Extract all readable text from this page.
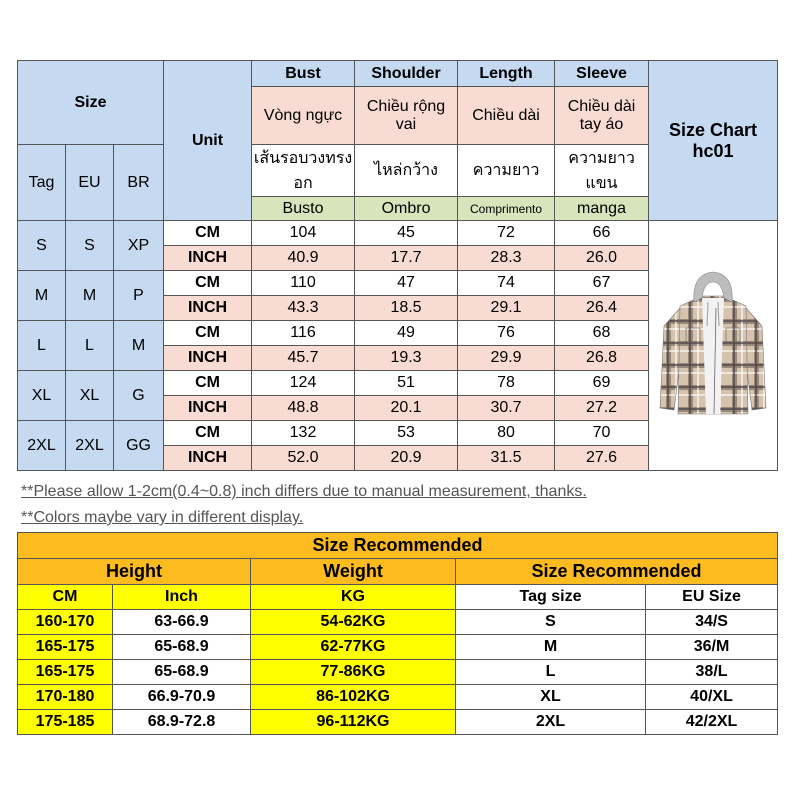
Size			Unit	Bust	Shoulder	Length	Sleeve	Size Chart
hc01

				Vòng ngực	Chiều rộng vai	Chiều dài	Chiều dài tay áo	
Tag	EU	BR		เส้นรอบวงทรงอก	ไหล่กว้าง	ความยาว	ความยาวแขน	
				Busto	Ombro	Comprimento	manga	
S	S	XP	CM	104	45	72	66	
			INCH	40.9	17.7	28.3	26.0	
M	M	P	CM	110	47	74	67	
			INCH	43.3	18.5	29.1	26.4	
L	L	M	CM	116	49	76	68	
			INCH	45.7	19.3	29.9	26.8	
XL	XL	G	CM	124	51	78	69	
			INCH	48.8	20.1	30.7	27.2	
2XL	2XL	GG	CM	132	53	80	70	
			INCH	52.0	20.9	31.5	27.6	
**Please allow 1-2cm(0.4~0.8) inch differs due to manual measurement, thanks.
**Colors maybe vary in different display.
Size Recommended				
Height		Weight	Size Recommended	
CM	Inch	KG	Tag size	EU Size
160-170	63-66.9	54-62KG	S	34/S
165-175	65-68.9	62-77KG	M	36/M
165-175	65-68.9	77-86KG	L	38/L
170-180	66.9-70.9	86-102KG	XL	40/XL
175-185	68.9-72.8	96-112KG	2XL	42/2XL
